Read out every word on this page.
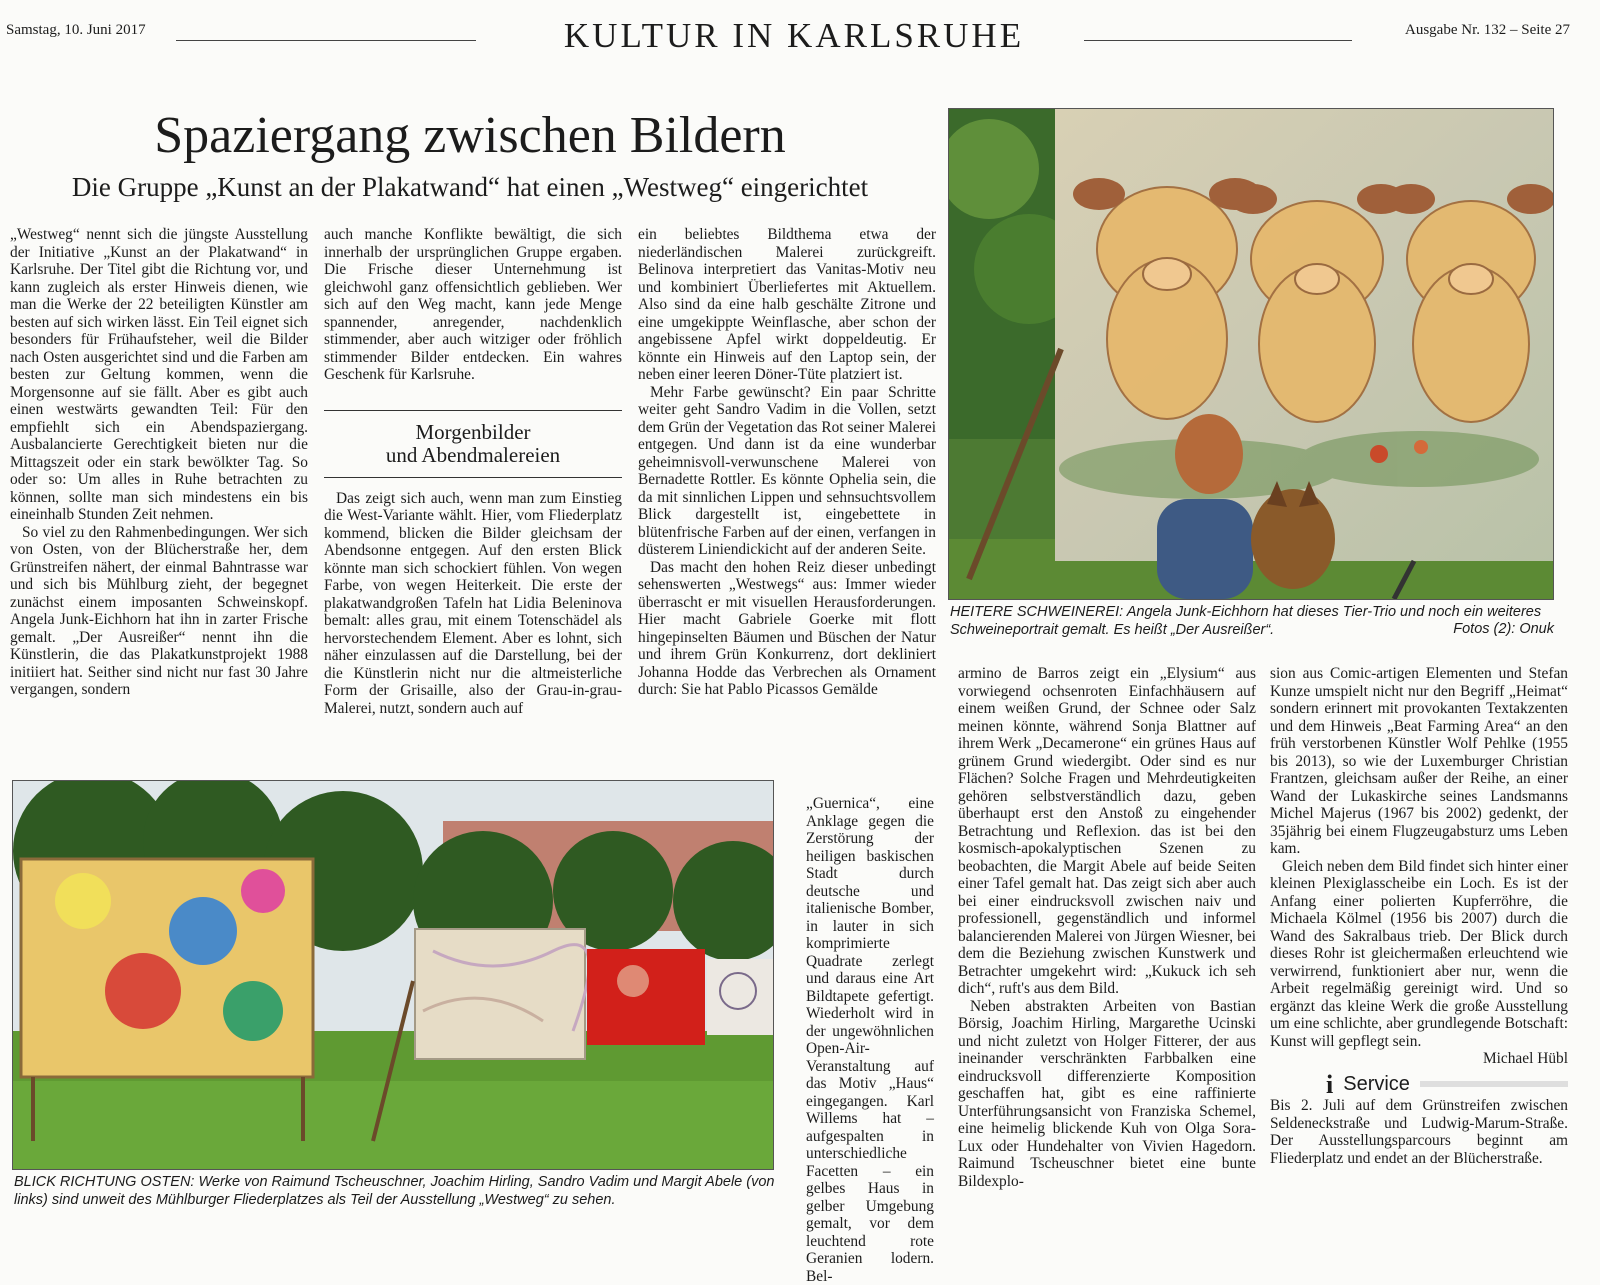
Samstag, 10. Juni 2017	KULTUR IN KARLSRUHE	Ausgabe Nr. 132 – Seite 27
Spaziergang zwischen Bildern
Die Gruppe „Kunst an der Plakatwand“ hat einen „Westweg“ eingerichtet

„Westweg“ nennt sich die jüngste Ausstellung der Initiative „Kunst an der Plakatwand“ in Karlsruhe. Der Titel gibt die Richtung vor, und kann zugleich als erster Hinweis dienen, wie man die Werke der 22 beteiligten Künstler am besten auf sich wirken lässt. Ein Teil eignet sich besonders für Frühaufsteher, weil die Bilder nach Osten ausgerichtet sind und die Farben am besten zur Geltung kommen, wenn die Morgensonne auf sie fällt. Aber es gibt auch einen westwärts gewandten Teil: Für den empfiehlt sich ein Abendspaziergang. Ausbalancierte Gerechtigkeit bieten nur die Mittagszeit oder ein stark bewölkter Tag. So oder so: Um alles in Ruhe betrachten zu können, sollte man sich mindestens ein bis eineinhalb Stunden Zeit nehmen.

So viel zu den Rahmenbedingungen. Wer sich von Osten, von der Blücherstraße her, dem Grünstreifen nähert, der einmal Bahntrasse war und sich bis Mühlburg zieht, der begegnet zunächst einem imposanten Schweinskopf. Angela Junk-Eichhorn hat ihn in zarter Frische gemalt. „Der Ausreißer“ nennt ihn die Künstlerin, die das Plakatkunstprojekt 1988 initiiert hat. Seither sind nicht nur fast 30 Jahre vergangen, sondern

auch manche Konflikte bewältigt, die sich innerhalb der ursprünglichen Gruppe ergaben. Die Frische dieser Unternehmung ist gleichwohl ganz offensichtlich geblieben. Wer sich auf den Weg macht, kann jede Menge spannender, anregender, nachdenklich stimmender, aber auch witziger oder fröhlich stimmender Bilder entdecken. Ein wahres Geschenk für Karlsruhe.

Morgenbilder
und Abendmalereien

Das zeigt sich auch, wenn man zum Einstieg die West-Variante wählt. Hier, vom Fliederplatz kommend, blicken die Bilder gleichsam der Abendsonne entgegen. Auf den ersten Blick könnte man sich schockiert fühlen. Von wegen Farbe, von wegen Heiterkeit. Die erste der plakatwandgroßen Tafeln hat Lidia Beleninova bemalt: alles grau, mit einem Totenschädel als hervorstechendem Element. Aber es lohnt, sich näher einzulassen auf die Darstellung, bei der die Künstlerin nicht nur die altmeisterliche Form der Grisaille, also der Grau-in-grau-Malerei, nutzt, sondern auch auf

ein beliebtes Bildthema etwa der niederländischen Malerei zurückgreift. Belinova interpretiert das Vanitas-Motiv neu und kombiniert Überliefertes mit Aktuellem. Also sind da eine halb geschälte Zitrone und eine umgekippte Weinflasche, aber schon der angebissene Apfel wirkt doppeldeutig. Er könnte ein Hinweis auf den Laptop sein, der neben einer leeren Döner-Tüte platziert ist.

Mehr Farbe gewünscht? Ein paar Schritte weiter geht Sandro Vadim in die Vollen, setzt dem Grün der Vegetation das Rot seiner Malerei entgegen. Und dann ist da eine wunderbar geheimnisvoll-verwunschene Malerei von Bernadette Rottler. Es könnte Ophelia sein, die da mit sinnlichen Lippen und sehnsuchtsvollem Blick dargestellt ist, eingebettete in blütenfrische Farben auf der einen, verfangen in düsterem Liniendickicht auf der anderen Seite.

Das macht den hohen Reiz dieser unbedingt sehenswerten „Westwegs“ aus: Immer wieder überrascht er mit visuellen Herausforderungen. Hier macht Gabriele Goerke mit flott hingepinselten Bäumen und Büschen der Natur und ihrem Grün Konkurrenz, dort dekliniert Johanna Hodde das Verbrechen als Ornament durch: Sie hat Pablo Picassos Gemälde

„Guernica“, eine Anklage gegen die Zerstörung der heiligen baskischen Stadt durch deutsche und italienische Bomber, in lauter in sich komprimierte Quadrate zerlegt und daraus eine Art Bildtapete gefertigt. Wiederholt wird in der ungewöhnlichen Open-Air-Veranstaltung auf das Motiv „Haus“ eingegangen. Karl Willems hat – aufgespalten in unterschiedliche Facetten – ein gelbes Haus in gelber Umgebung gemalt, vor dem leuchtend rote Geranien lodern. Bel-

armino de Barros zeigt ein „Elysium“ aus vorwiegend ochsenroten Einfachhäusern auf einem weißen Grund, der Schnee oder Salz meinen könnte, während Sonja Blattner auf ihrem Werk „Decamerone“ ein grünes Haus auf grünem Grund wiedergibt. Oder sind es nur Flächen? Solche Fragen und Mehrdeutigkeiten gehören selbstverständlich dazu, geben überhaupt erst den Anstoß zu eingehender Betrachtung und Reflexion. das ist bei den kosmisch-apokalyptischen Szenen zu beobachten, die Margit Abele auf beide Seiten einer Tafel gemalt hat. Das zeigt sich aber auch bei einer eindrucksvoll zwischen naiv und professionell, gegenständlich und informel balancierenden Malerei von Jürgen Wiesner, bei dem die Beziehung zwischen Kunstwerk und Betrachter umgekehrt wird: „Kukuck ich seh dich“, ruft's aus dem Bild.

Neben abstrakten Arbeiten von Bastian Börsig, Joachim Hirling, Margarethe Ucinski und nicht zuletzt von Holger Fitterer, der aus ineinander verschränkten Farbbalken eine eindrucksvoll differenzierte Komposition geschaffen hat, gibt es eine raffinierte Unterführungsansicht von Franziska Schemel, eine heimelig blickende Kuh von Olga Sora-Lux oder Hundehalter von Vivien Hagedorn. Raimund Tscheuschner bietet eine bunte Bildexplo-

sion aus Comic-artigen Elementen und Stefan Kunze umspielt nicht nur den Begriff „Heimat“ sondern erinnert mit provokanten Textakzenten und dem Hinweis „Beat Farming Area“ an den früh verstorbenen Künstler Wolf Pehlke (1955 bis 2013), so wie der Luxemburger Christian Frantzen, gleichsam außer der Reihe, an einer Wand der Lukaskirche seines Landsmanns Michel Majerus (1967 bis 2002) gedenkt, der 35jährig bei einem Flugzeugabsturz ums Leben kam.

Gleich neben dem Bild findet sich hinter einer kleinen Plexiglasscheibe ein Loch. Es ist der Anfang einer polierten Kupferröhre, die Michaela Kölmel (1956 bis 2007) durch die Wand des Sakralbaus trieb. Der Blick durch dieses Rohr ist gleichermaßen erleuchtend wie verwirrend, funktioniert aber nur, wenn die Arbeit regelmäßig gereinigt wird. Und so ergänzt das kleine Werk die große Ausstellung um eine schlichte, aber grundlegende Botschaft: Kunst will gepflegt sein.

Michael Hübl
i Service

Bis 2. Juli auf dem Grünstreifen zwischen Seldeneckstraße und Ludwig-Marum-Straße. Der Ausstellungsparcours beginnt am Fliederplatz und endet an der Blücherstraße.

HEITERE SCHWEINEREI: Angela Junk-Eichhorn hat dieses Tier-Trio und noch ein weiteres Schweineportrait gemalt. Es heißt „Der Ausreißer“.	Fotos (2): Onuk
BLICK RICHTUNG OSTEN: Werke von Raimund Tscheuschner, Joachim Hirling, Sandro Vadim und Margit Abele (von links) sind unweit des Mühlburger Fliederplatzes als Teil der Ausstellung „Westweg“ zu sehen.
